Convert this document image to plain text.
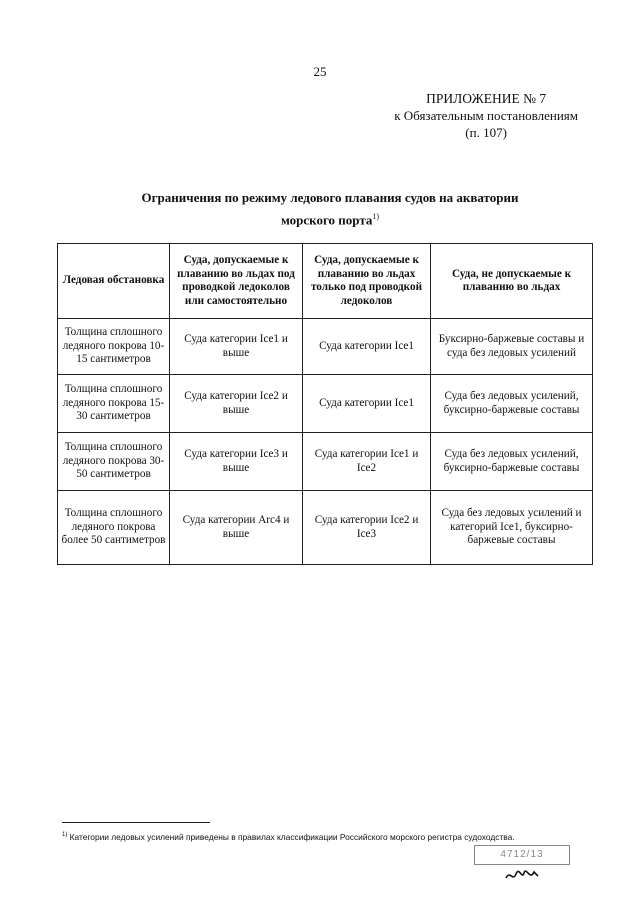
25
ПРИЛОЖЕНИЕ № 7
к Обязательным постановлениям
(п. 107)
Ограничения по режиму ледового плавания судов на акватории
морского порта$^{1)}$
Ледовая обстановка	Суда, допускаемые к плаванию во льдах под проводкой ледоколов или самостоятельно	Суда, допускаемые к плаванию во льдах только под проводкой ледоколов	Суда, не допускаемые к плаванию во льдах
Толщина сплошного ледяного покрова 10-15 сантиметров	Суда категории Ice1 и выше	Суда категории Ice1	Буксирно-баржевые составы и суда без ледовых усилений
Толщина сплошного ледяного покрова 15-30 сантиметров	Суда категории Ice2 и выше	Суда категории Ice1	Суда без ледовых усилений, буксирно-баржевые составы
Толщина сплошного ледяного покрова 30-50 сантиметров	Суда категории Ice3 и выше	Суда категории Ice1 и Ice2	Суда без ледовых усилений, буксирно-баржевые составы
Толщина сплошного ледяного покрова более 50 сантиметров	Суда категории Arc4 и выше	Суда категории Ice2 и Ice3	Суда без ледовых усилений и категорий Ice1, буксирно-баржевые составы
$^{1)}$ Категории ледовых усилений приведены в правилах классификации Российского морского регистра судоходства.
4712/13
